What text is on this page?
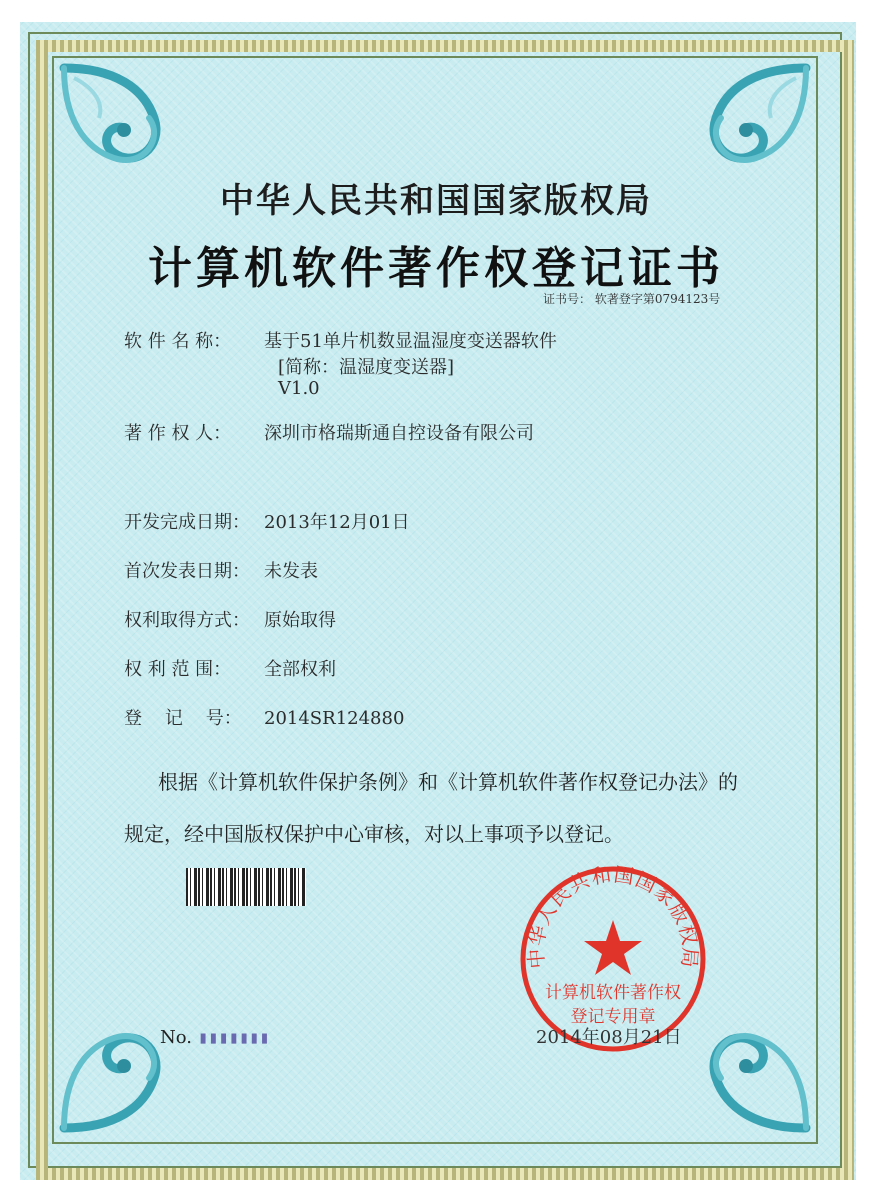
中华人民共和国国家版权局
计算机软件著作权登记证书
证书号： 软著登字第0794123号
软 件 名 称： 基于51单片机数显温湿度变送器软件
[简称：温湿度变送器]
V1.0
著 作 权 人： 深圳市格瑞斯通自控设备有限公司
开发完成日期： 2013年12月01日
首次发表日期： 未发表
权利取得方式： 原始取得
权 利 范 围： 全部权利
登    记    号： 2014SR124880
根据《计算机软件保护条例》和《计算机软件著作权登记办法》的
规定，经中国版权保护中心审核，对以上事项予以登记。
No. ▮▮▮▮▮▮▮
中华人民共和国国家版权局
计算机软件著作权
登记专用章
2014年08月21日
